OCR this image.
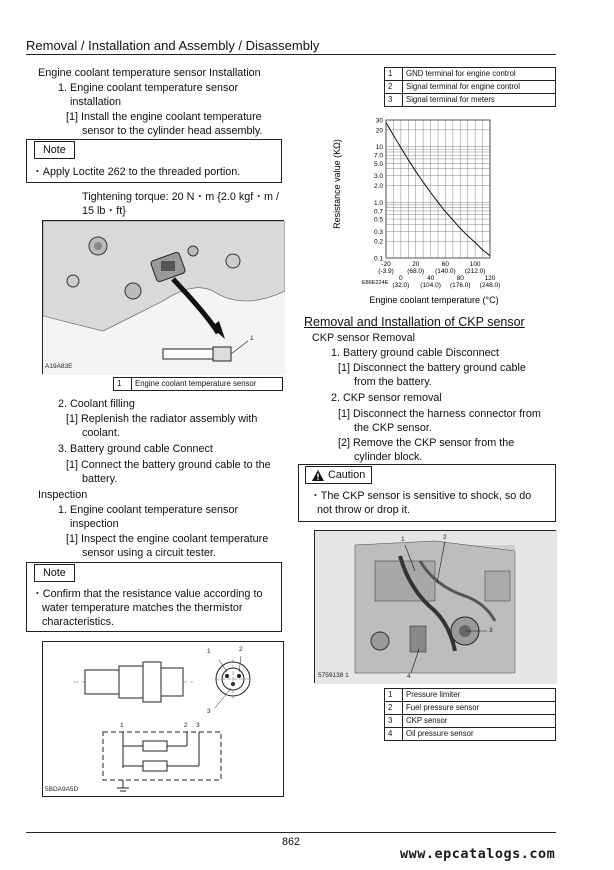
Removal / Installation and Assembly / Disassembly
Engine coolant temperature sensor Installation
1. Engine coolant temperature sensor
installation
[1] Install the engine coolant temperature
sensor to the cylinder head assembly.
Note
・Apply Loctite 262 to the threaded portion.
Tightening torque: 20 N・m {2.0 kgf・m /
15 lb・ft}
A19A83E
1
1	Engine coolant temperature sensor
2. Coolant filling
[1] Replenish the radiator assembly with
coolant.
3. Battery ground cable Connect
[1] Connect the battery ground cable to the
battery.
Inspection
1. Engine coolant temperature sensor
inspection
[1] Inspect the engine coolant temperature
sensor using a circuit tester.
Note
・Confirm that the resistance value according to
water temperature matches the thermistor
characteristics.
1	2
3
1	2 3
5BDA9A5D
1	GND terminal for engine control
2	Signal terminal for engine control
3	Signal terminal for meters
Resistance value (KΩ)
Engine coolant temperature (°C)
E86E224E
30
20
10
7.0
5.0
3.0
2.0
1.0
0.7
0.5
0.3
0.2
0.1
-20
0
20
40
60
80
100
120
(-3.9) (68.0) (140.0) (212.0)
(32.0) (104.0) (176.0) (248.0)
Removal and Installation of CKP sensor
CKP sensor Removal
1. Battery ground cable Disconnect
[1] Disconnect the battery ground cable
from the battery.
2. CKP sensor removal
[1] Disconnect the harness connector from
the CKP sensor.
[2] Remove the CKP sensor from the
cylinder block.
Caution
・The CKP sensor is sensitive to shock, so do
not throw or drop it.
1	2
3
4
5759138 1
1	Pressure limiter
2	Fuel pressure sensor
3	CKP sensor
4	Oil pressure sensor
862
www.epcatalogs.com
